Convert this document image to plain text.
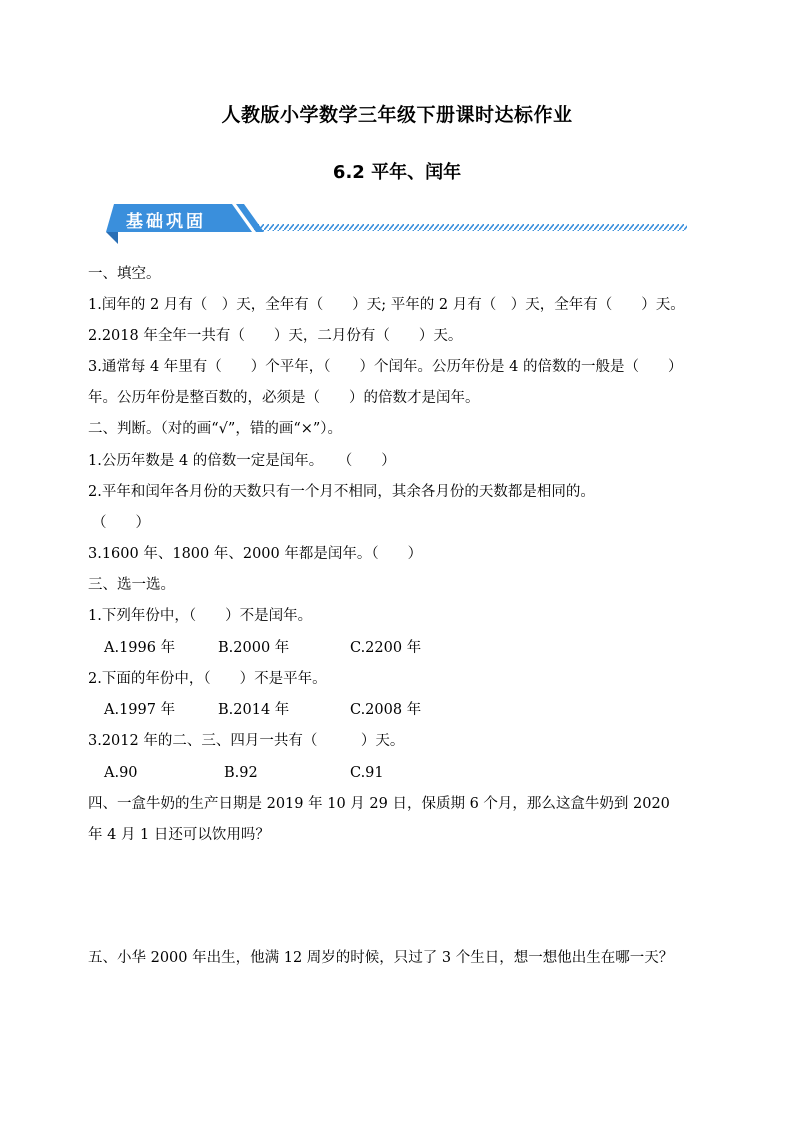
人教版小学数学三年级下册课时达标作业
6.2 平年、闰年
基础巩固
一、填空。
1.闰年的 2 月有（　）天，全年有（　　）天; 平年的 2 月有（　）天，全年有（　　）天。
2.2018 年全年一共有（　　）天，二月份有（　　）天。
3.通常每 4 年里有（　　）个平年，（　　）个闰年。公历年份是 4 的倍数的一般是（　　）
年。公历年份是整百数的，必须是（　　）的倍数才是闰年。
二、判断。（对的画“√”，错的画“×”）。
1.公历年数是 4 的倍数一定是闰年。　　（　　）
2.平年和闰年各月份的天数只有一个月不相同，其余各月份的天数都是相同的。
（　　）
3.1600 年、1800 年、2000 年都是闰年。（　　）
三、选一选。
1.下列年份中，（　　）不是闰年。
A.1996 年	B.2000 年	C.2200 年
2.下面的年份中，（　　）不是平年。
A.1997 年	B.2014 年	C.2008 年
3.2012 年的二、三、四月一共有（　　　）天。
A.90	B.92	C.91
四、一盒牛奶的生产日期是 2019 年 10 月 29 日，保质期 6 个月，那么这盒牛奶到 2020
年 4 月 1 日还可以饮用吗？
五、小华 2000 年出生，他满 12 周岁的时候，只过了 3 个生日，想一想他出生在哪一天？
